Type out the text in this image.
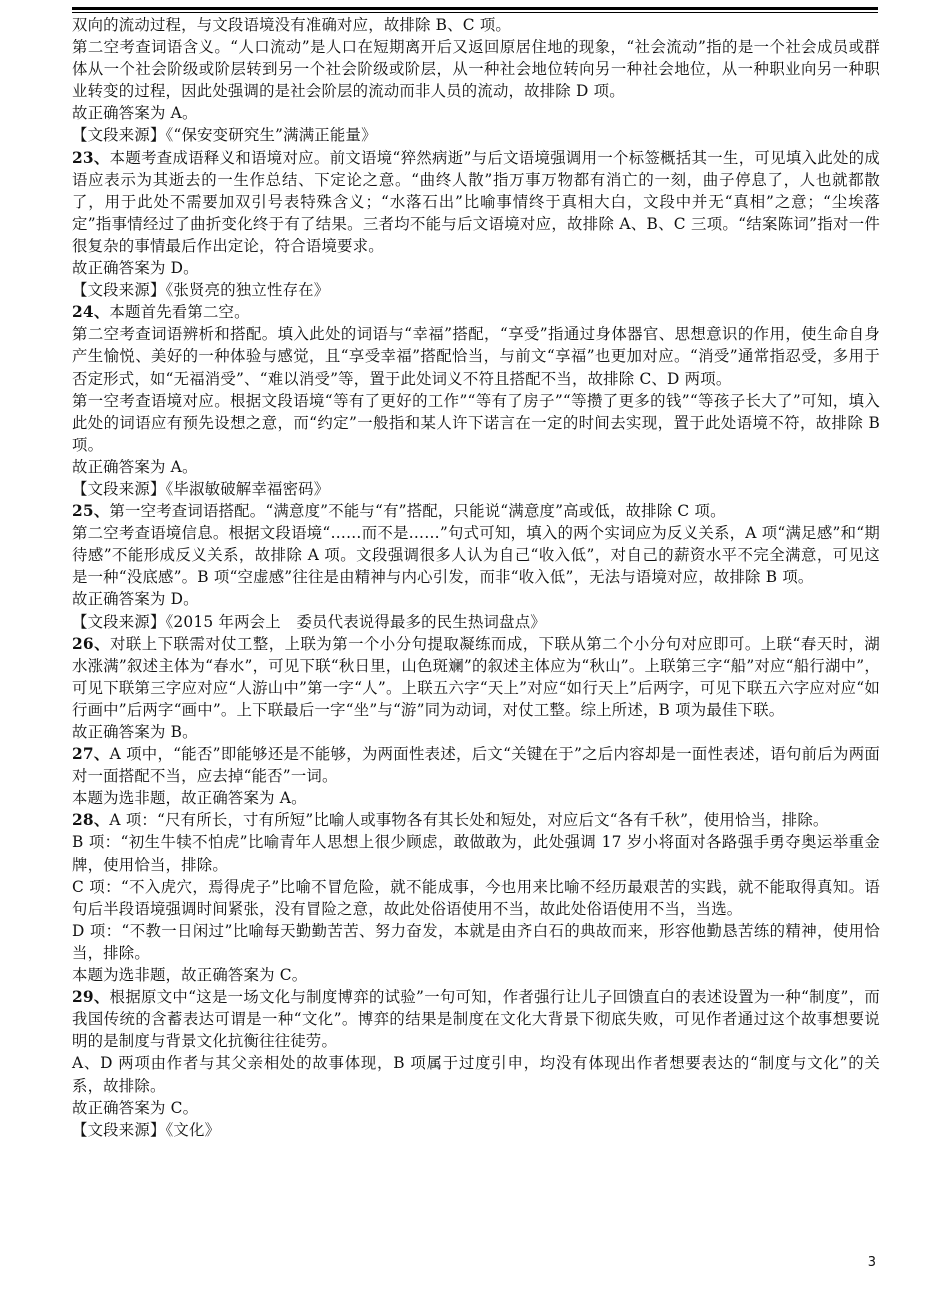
双向的流动过程，与文段语境没有准确对应，故排除 B、C 项。

第二空考查词语含义。“人口流动”是人口在短期离开后又返回原居住地的现象，“社会流动”指的是一个社会成员或群体从一个社会阶级或阶层转到另一个社会阶级或阶层，从一种社会地位转向另一种社会地位，从一种职业向另一种职业转变的过程，因此处强调的是社会阶层的流动而非人员的流动，故排除 D 项。

故正确答案为 A。

【文段来源】《“保安变研究生”满满正能量》

23、本题考查成语释义和语境对应。前文语境“猝然病逝”与后文语境强调用一个标签概括其一生，可见填入此处的成语应表示为其逝去的一生作总结、下定论之意。“曲终人散”指万事万物都有消亡的一刻，曲子停息了，人也就都散了，用于此处不需要加双引号表特殊含义；“水落石出”比喻事情终于真相大白，文段中并无“真相”之意；“尘埃落定”指事情经过了曲折变化终于有了结果。三者均不能与后文语境对应，故排除 A、B、C 三项。“结案陈词”指对一件很复杂的事情最后作出定论，符合语境要求。

故正确答案为 D。

【文段来源】《张贤亮的独立性存在》

24、本题首先看第二空。

第二空考查词语辨析和搭配。填入此处的词语与“幸福”搭配，“享受”指通过身体器官、思想意识的作用，使生命自身产生愉悦、美好的一种体验与感觉，且“享受幸福”搭配恰当，与前文“享福”也更加对应。“消受”通常指忍受，多用于否定形式，如“无福消受”、“难以消受”等，置于此处词义不符且搭配不当，故排除 C、D 两项。

第一空考查语境对应。根据文段语境“等有了更好的工作”“等有了房子”“等攒了更多的钱”“等孩子长大了”可知，填入此处的词语应有预先设想之意，而“约定”一般指和某人许下诺言在一定的时间去实现，置于此处语境不符，故排除 B 项。

故正确答案为 A。

【文段来源】《毕淑敏破解幸福密码》

25、第一空考查词语搭配。“满意度”不能与“有”搭配，只能说“满意度”高或低，故排除 C 项。

第二空考查语境信息。根据文段语境“……而不是……”句式可知，填入的两个实词应为反义关系，A 项“满足感”和“期待感”不能形成反义关系，故排除 A 项。文段强调很多人认为自己“收入低”，对自己的薪资水平不完全满意，可见这是一种“没底感”。B 项“空虚感”往往是由精神与内心引发，而非“收入低”，无法与语境对应，故排除 B 项。

故正确答案为 D。

【文段来源】《2015 年两会上　委员代表说得最多的民生热词盘点》

26、对联上下联需对仗工整，上联为第一个小分句提取凝练而成，下联从第二个小分句对应即可。上联“春天时，湖水涨满”叙述主体为“春水”，可见下联“秋日里，山色斑斓”的叙述主体应为“秋山”。上联第三字“船”对应“船行湖中”，可见下联第三字应对应“人游山中”第一字“人”。上联五六字“天上”对应“如行天上”后两字，可见下联五六字应对应“如行画中”后两字“画中”。上下联最后一字“坐”与“游”同为动词，对仗工整。综上所述，B 项为最佳下联。

故正确答案为 B。

27、A 项中，“能否”即能够还是不能够，为两面性表述，后文“关键在于”之后内容却是一面性表述，语句前后为两面对一面搭配不当，应去掉“能否”一词。

本题为选非题，故正确答案为 A。

28、A 项：“尺有所长，寸有所短”比喻人或事物各有其长处和短处，对应后文“各有千秋”，使用恰当，排除。

B 项：“初生牛犊不怕虎”比喻青年人思想上很少顾虑，敢做敢为，此处强调 17 岁小将面对各路强手勇夺奥运举重金牌，使用恰当，排除。

C 项：“不入虎穴，焉得虎子”比喻不冒危险，就不能成事，今也用来比喻不经历最艰苦的实践，就不能取得真知。语句后半段语境强调时间紧张，没有冒险之意，故此处俗语使用不当，故此处俗语使用不当，当选。

D 项：“不教一日闲过”比喻每天勤勤苦苦、努力奋发，本就是由齐白石的典故而来，形容他勤恳苦练的精神，使用恰当，排除。

本题为选非题，故正确答案为 C。

29、根据原文中“这是一场文化与制度博弈的试验”一句可知，作者强行让儿子回馈直白的表述设置为一种“制度”，而我国传统的含蓄表达可谓是一种“文化”。博弈的结果是制度在文化大背景下彻底失败，可见作者通过这个故事想要说明的是制度与背景文化抗衡往往徒劳。

A、D 两项由作者与其父亲相处的故事体现，B 项属于过度引申，均没有体现出作者想要表达的“制度与文化”的关系，故排除。

故正确答案为 C。

【文段来源】《文化》

3
